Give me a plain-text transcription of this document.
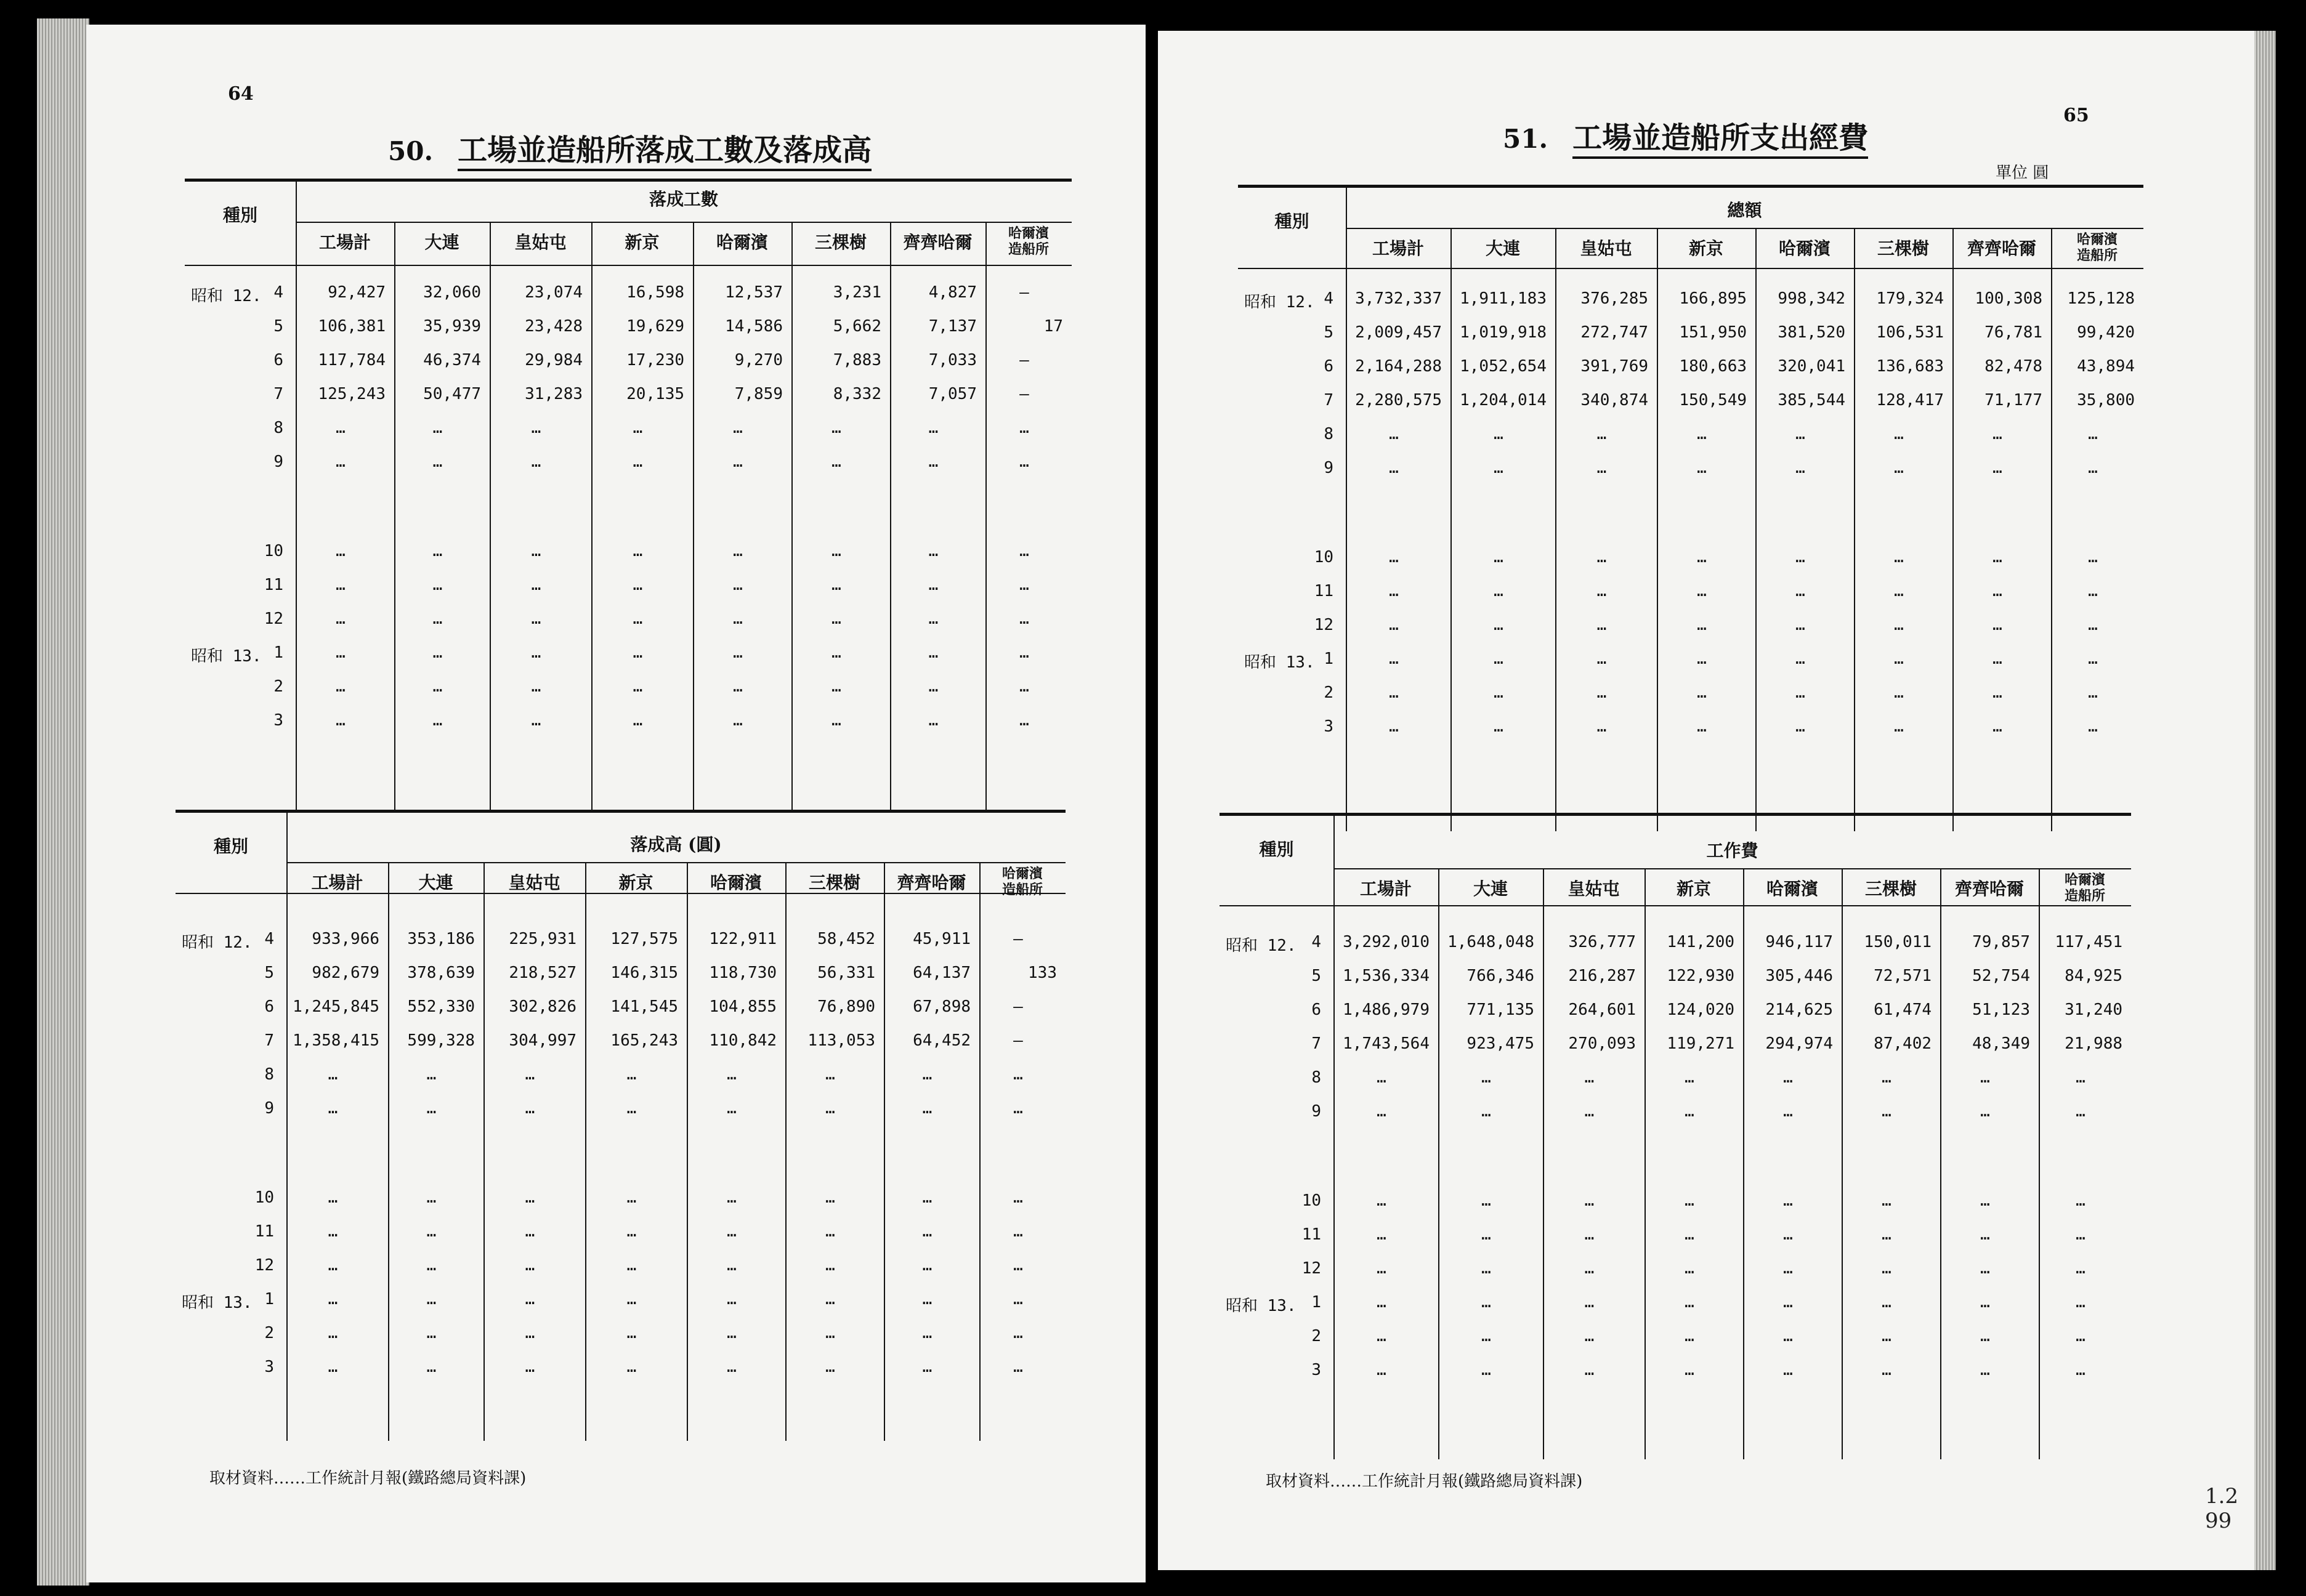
64
50. 工場並造船所落成工數及落成高
種別
落成工數
工場計	大連	皇姑屯	新京	哈爾濱	三棵樹	齊齊哈爾	哈爾濱
造船所
昭和 12. 4	92,427	32,060	23,074	16,598	12,537	3,231	4,827	—
5	106,381	35,939	23,428	19,629	14,586	5,662	7,137	17
6	117,784	46,374	29,984	17,230	9,270	7,883	7,033	—
7	125,243	50,477	31,283	20,135	7,859	8,332	7,057	—
8	…	…	…	…	…	…	…	…
9	…	…	…	…	…	…	…	…
10	…	…	…	…	…	…	…	…
11	…	…	…	…	…	…	…	…
12	…	…	…	…	…	…	…	…
昭和 13. 1	…	…	…	…	…	…	…	…
2	…	…	…	…	…	…	…	…
3	…	…	…	…	…	…	…	…
種別	落成高 (圓)
工場計	大連	皇姑屯	新京	哈爾濱	三棵樹	齊齊哈爾	哈爾濱
造船所
昭和 12. 4	933,966	353,186	225,931	127,575	122,911	58,452	45,911	—
5	982,679	378,639	218,527	146,315	118,730	56,331	64,137	133
6	1,245,845	552,330	302,826	141,545	104,855	76,890	67,898	—
7	1,358,415	599,328	304,997	165,243	110,842	113,053	64,452	—
8	…	…	…	…	…	…	…	…
9	…	…	…	…	…	…	…	…
10	…	…	…	…	…	…	…	…
11	…	…	…	…	…	…	…	…
12	…	…	…	…	…	…	…	…
昭和 13. 1	…	…	…	…	…	…	…	…
2	…	…	…	…	…	…	…	…
3	…	…	…	…	…	…	…	…
取材資料……工作統計月報(鐵路總局資料課)
65
51. 工場並造船所支出經費
單位 圓
種別
總額
工場計	大連	皇姑屯	新京	哈爾濱	三棵樹	齊齊哈爾	哈爾濱
造船所
昭和 12. 4	3,732,337	1,911,183	376,285	166,895	998,342	179,324	100,308	125,128
5	2,009,457	1,019,918	272,747	151,950	381,520	106,531	76,781	99,420
6	2,164,288	1,052,654	391,769	180,663	320,041	136,683	82,478	43,894
7	2,280,575	1,204,014	340,874	150,549	385,544	128,417	71,177	35,800
8	…	…	…	…	…	…	…	…
9	…	…	…	…	…	…	…	…
10	…	…	…	…	…	…	…	…
11	…	…	…	…	…	…	…	…
12	…	…	…	…	…	…	…	…
昭和 13. 1	…	…	…	…	…	…	…	…
2	…	…	…	…	…	…	…	…
3	…	…	…	…	…	…	…	…
種別	工作費
工場計	大連	皇姑屯	新京	哈爾濱	三棵樹	齊齊哈爾	哈爾濱
造船所
昭和 12. 4	3,292,010	1,648,048	326,777	141,200	946,117	150,011	79,857	117,451
5	1,536,334	766,346	216,287	122,930	305,446	72,571	52,754	84,925
6	1,486,979	771,135	264,601	124,020	214,625	61,474	51,123	31,240
7	1,743,564	923,475	270,093	119,271	294,974	87,402	48,349	21,988
8	…	…	…	…	…	…	…	…
9	…	…	…	…	…	…	…	…
10	…	…	…	…	…	…	…	…
11	…	…	…	…	…	…	…	…
12	…	…	…	…	…	…	…	…
昭和 13. 1	…	…	…	…	…	…	…	…
2	…	…	…	…	…	…	…	…
3	…	…	…	…	…	…	…	…
取材資料……工作統計月報(鐵路總局資料課)
1.2 99
